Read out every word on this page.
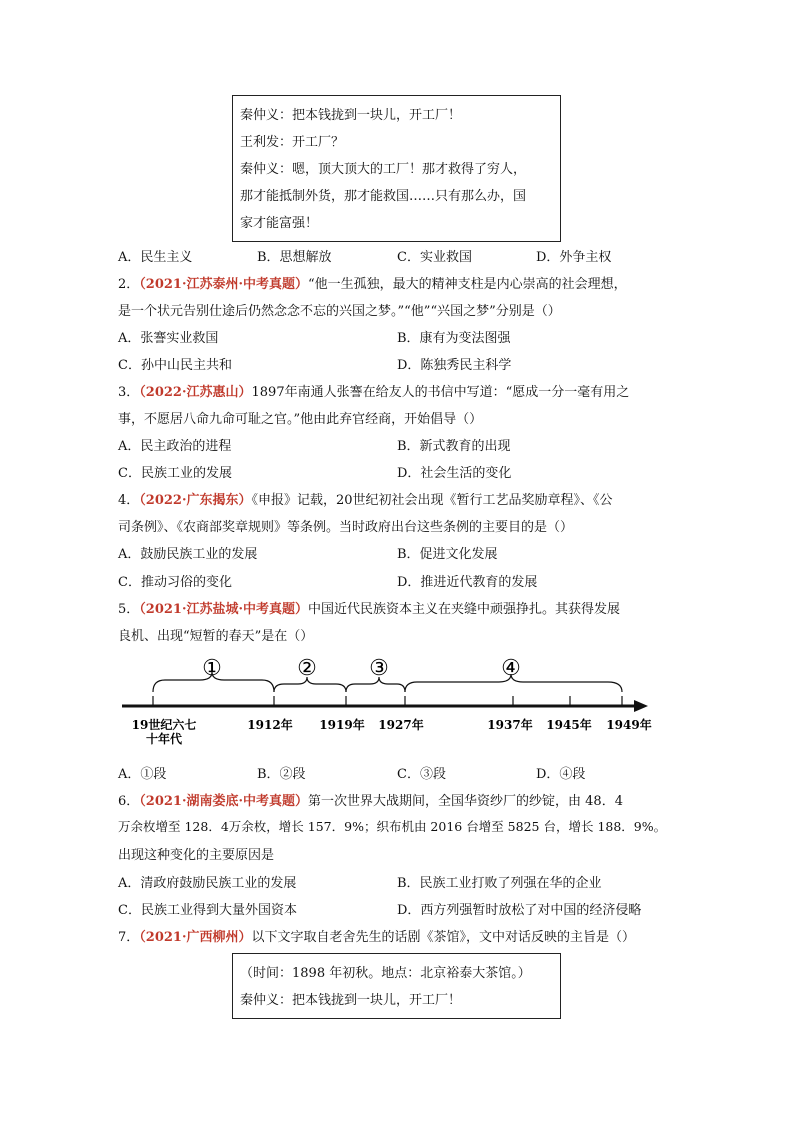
秦仲义：把本钱拢到一块儿，开工厂！
王利发：开工厂？
秦仲义：嗯，顶大顶大的工厂！那才救得了穷人，
那才能抵制外货，那才能救国……只有那么办，国
家才能富强！
A．民生主义	B．思想解放	C．实业救国	D．外争主权
2．（2021·江苏泰州·中考真题）“他一生孤独，最大的精神支柱是内心崇高的社会理想，
是一个状元告别仕途后仍然念念不忘的兴国之梦。”“他”“兴国之梦”分别是（）
A．张謇实业救国	B．康有为变法图强
C．孙中山民主共和	D．陈独秀民主科学
3．（2022·江苏惠山）1897年南通人张謇在给友人的书信中写道：“愿成一分一毫有用之
事，不愿居八命九命可耻之官。”他由此弃官经商，开始倡导（）
A．民主政治的进程	B．新式教育的出现
C．民族工业的发展	D．社会生活的变化
4．（2022·广东揭东）《申报》记载，20世纪初社会出现《暂行工艺品奖励章程》、《公
司条例》、《农商部奖章规则》等条例。当时政府出台这些条例的主要目的是（）
A．鼓励民族工业的发展	B．促进文化发展
C．推动习俗的变化	D．推进近代教育的发展
5．（2021·江苏盐城·中考真题）中国近代民族资本主义在夹缝中顽强挣扎。其获得发展
良机、出现“短暂的春天”是在（）
①	② ③	④
19世纪六七
十年代
1912年 1919年 1927年	1937年 1945年 1949年
A．①段	B．②段	C．③段	D．④段
6．（2021·湖南娄底·中考真题）第一次世界大战期间，全国华资纱厂的纱锭，由 48．4
万余枚增至 128．4万余枚，增长 157．9%；织布机由 2016 台增至 5825 台，增长 188．9%。
出现这种变化的主要原因是
A．清政府鼓励民族工业的发展	B．民族工业打败了列强在华的企业
C．民族工业得到大量外国资本	D．西方列强暂时放松了对中国的经济侵略
7．（2021·广西柳州）以下文字取自老舍先生的话剧《茶馆》，文中对话反映的主旨是（）
（时间：1898 年初秋。地点：北京裕泰大茶馆。）
秦仲义：把本钱拢到一块儿，开工厂！
